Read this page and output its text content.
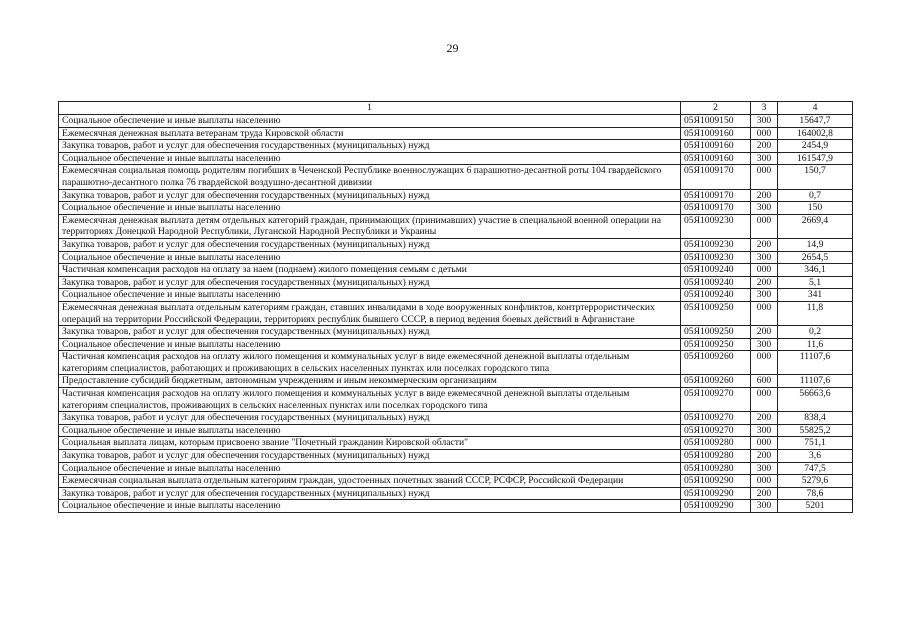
29
1	2	3	4
Социальное обеспечение и иные выплаты населению	05Я1009150	300	15647,7
Ежемесячная денежная выплата ветеранам труда Кировской области	05Я1009160	000	164002,8
Закупка товаров, работ и услуг для обеспечения государственных (муниципальных) нужд	05Я1009160	200	2454,9
Социальное обеспечение и иные выплаты населению	05Я1009160	300	161547,9
Ежемесячная социальная помощь родителям погибших в Чеченской Республике военнослужащих 6 парашютно-десантной роты 104 гвардейского парашютно-десантного полка 76 гвардейской воздушно-десантной дивизии	05Я1009170	000	150,7
Закупка товаров, работ и услуг для обеспечения государственных (муниципальных) нужд	05Я1009170	200	0,7
Социальное обеспечение и иные выплаты населению	05Я1009170	300	150
Ежемесячная денежная выплата детям отдельных категорий граждан, принимающих (принимавших) участие в специальной военной операции на территориях Донецкой Народной Республики, Луганской Народной Республики и Украины	05Я1009230	000	2669,4
Закупка товаров, работ и услуг для обеспечения государственных (муниципальных) нужд	05Я1009230	200	14,9
Социальное обеспечение и иные выплаты населению	05Я1009230	300	2654,5
Частичная компенсация расходов на оплату за наем (поднаем) жилого помещения семьям с детьми	05Я1009240	000	346,1
Закупка товаров, работ и услуг для обеспечения государственных (муниципальных) нужд	05Я1009240	200	5,1
Социальное обеспечение и иные выплаты населению	05Я1009240	300	341
Ежемесячная денежная выплата отдельным категориям граждан, ставших инвалидами в ходе вооруженных конфликтов, контртеррористических операций на территории Российской Федерации, территориях республик бывшего СССР, в период ведения боевых действий в Афганистане	05Я1009250	000	11,8
Закупка товаров, работ и услуг для обеспечения государственных (муниципальных) нужд	05Я1009250	200	0,2
Социальное обеспечение и иные выплаты населению	05Я1009250	300	11,6
Частичная компенсация расходов на оплату жилого помещения и коммунальных услуг в виде ежемесячной денежной выплаты отдельным категориям специалистов, работающих и проживающих в сельских населенных пунктах или поселках городского типа	05Я1009260	000	11107,6
Предоставление субсидий бюджетным, автономным учреждениям и иным некоммерческим организациям	05Я1009260	600	11107,6
Частичная компенсация расходов на оплату жилого помещения и коммунальных услуг в виде ежемесячной денежной выплаты отдельным категориям специалистов, проживающих в сельских населенных пунктах или поселках городского типа	05Я1009270	000	56663,6
Закупка товаров, работ и услуг для обеспечения государственных (муниципальных) нужд	05Я1009270	200	838,4
Социальное обеспечение и иные выплаты населению	05Я1009270	300	55825,2
Социальная выплата лицам, которым присвоено звание "Почетный гражданин Кировской области"	05Я1009280	000	751,1
Закупка товаров, работ и услуг для обеспечения государственных (муниципальных) нужд	05Я1009280	200	3,6
Социальное обеспечение и иные выплаты населению	05Я1009280	300	747,5
Ежемесячная социальная выплата отдельным категориям граждан, удостоенных почетных званий СССР, РСФСР, Российской Федерации	05Я1009290	000	5279,6
Закупка товаров, работ и услуг для обеспечения государственных (муниципальных) нужд	05Я1009290	200	78,6
Социальное обеспечение и иные выплаты населению	05Я1009290	300	5201
